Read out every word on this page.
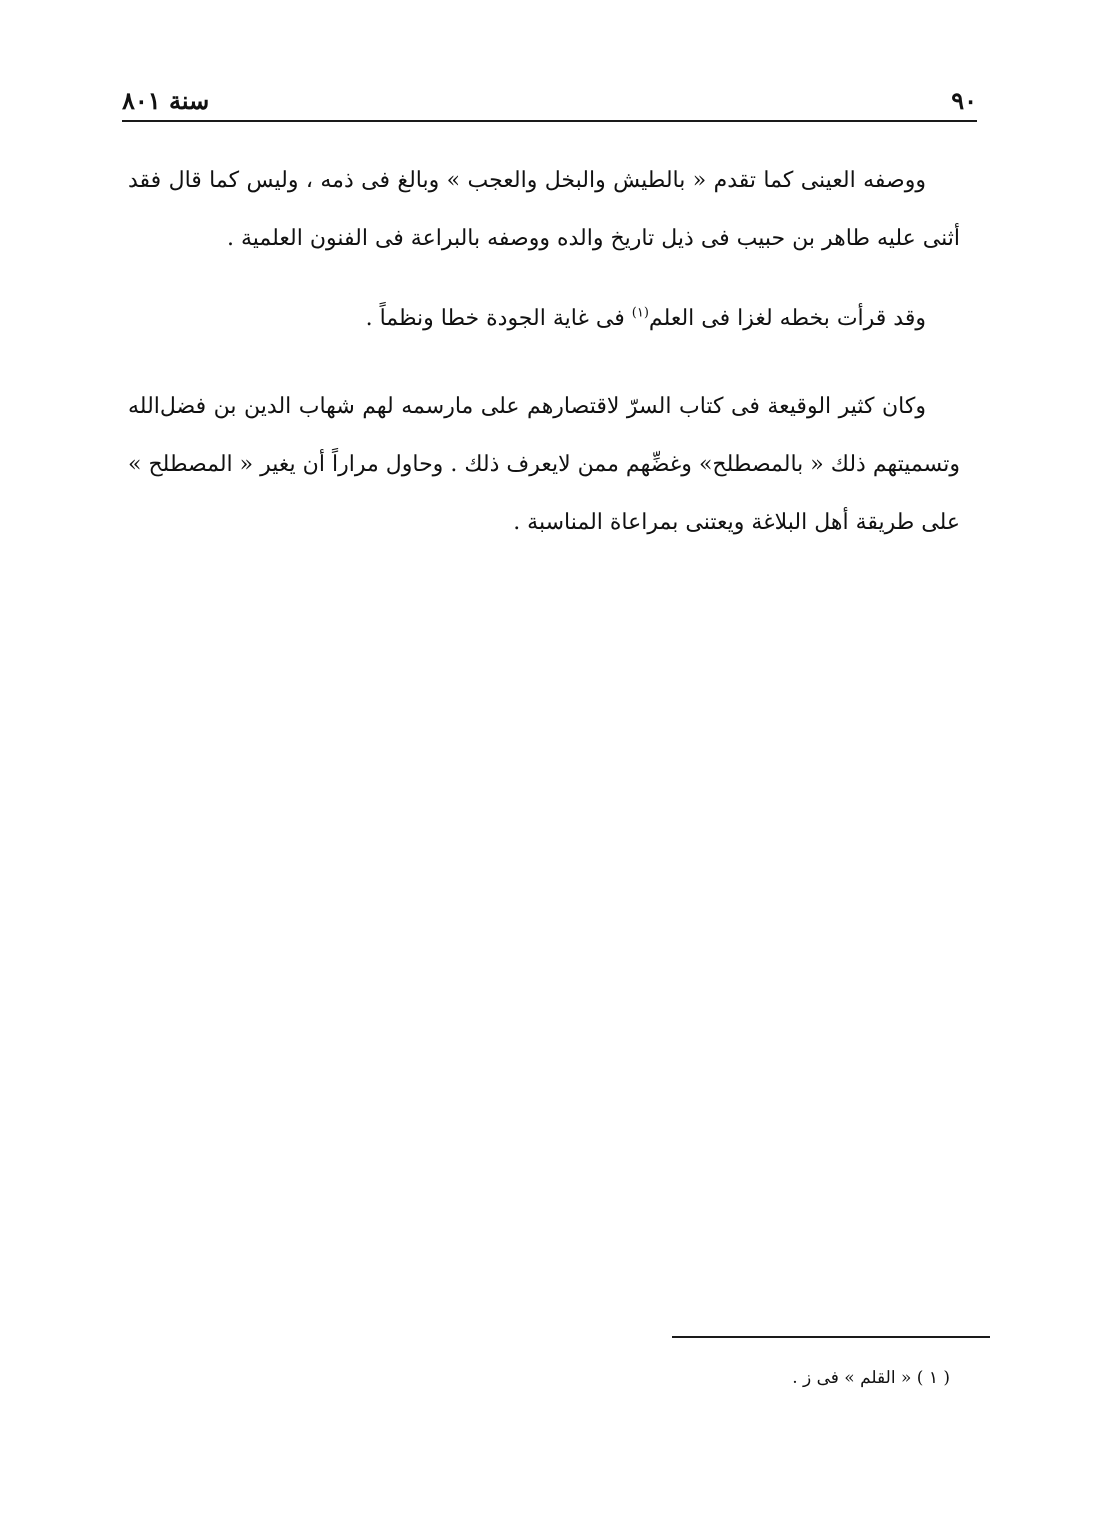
٩٠
سنة ٨٠١

ووصفه العينى كما تقدم « بالطيش والبخل والعجب » وبالغ فى ذمه ، وليس كما قال فقد أثنى عليه طاهر بن حبيب فى ذيل تاريخ والده ووصفه بالبراعة فى الفنون العلمية .

وقد قرأت بخطه لغزا فى العلم$^{(١)}$ فى غاية الجودة خطا ونظماً .

وكان كثير الوقيعة فى كتاب السرّ لاقتصارهم على مارسمه لهم شهاب الدين بن فضل‌الله وتسميتهم ذلك « بالمصطلح» وغضِّهم ممن لايعرف ذلك . وحاول مراراً أن يغير « المصطلح » على طريقة أهل البلاغة ويعتنى بمراعاة المناسبة .

( ١ ) « القلم » فى ز .
